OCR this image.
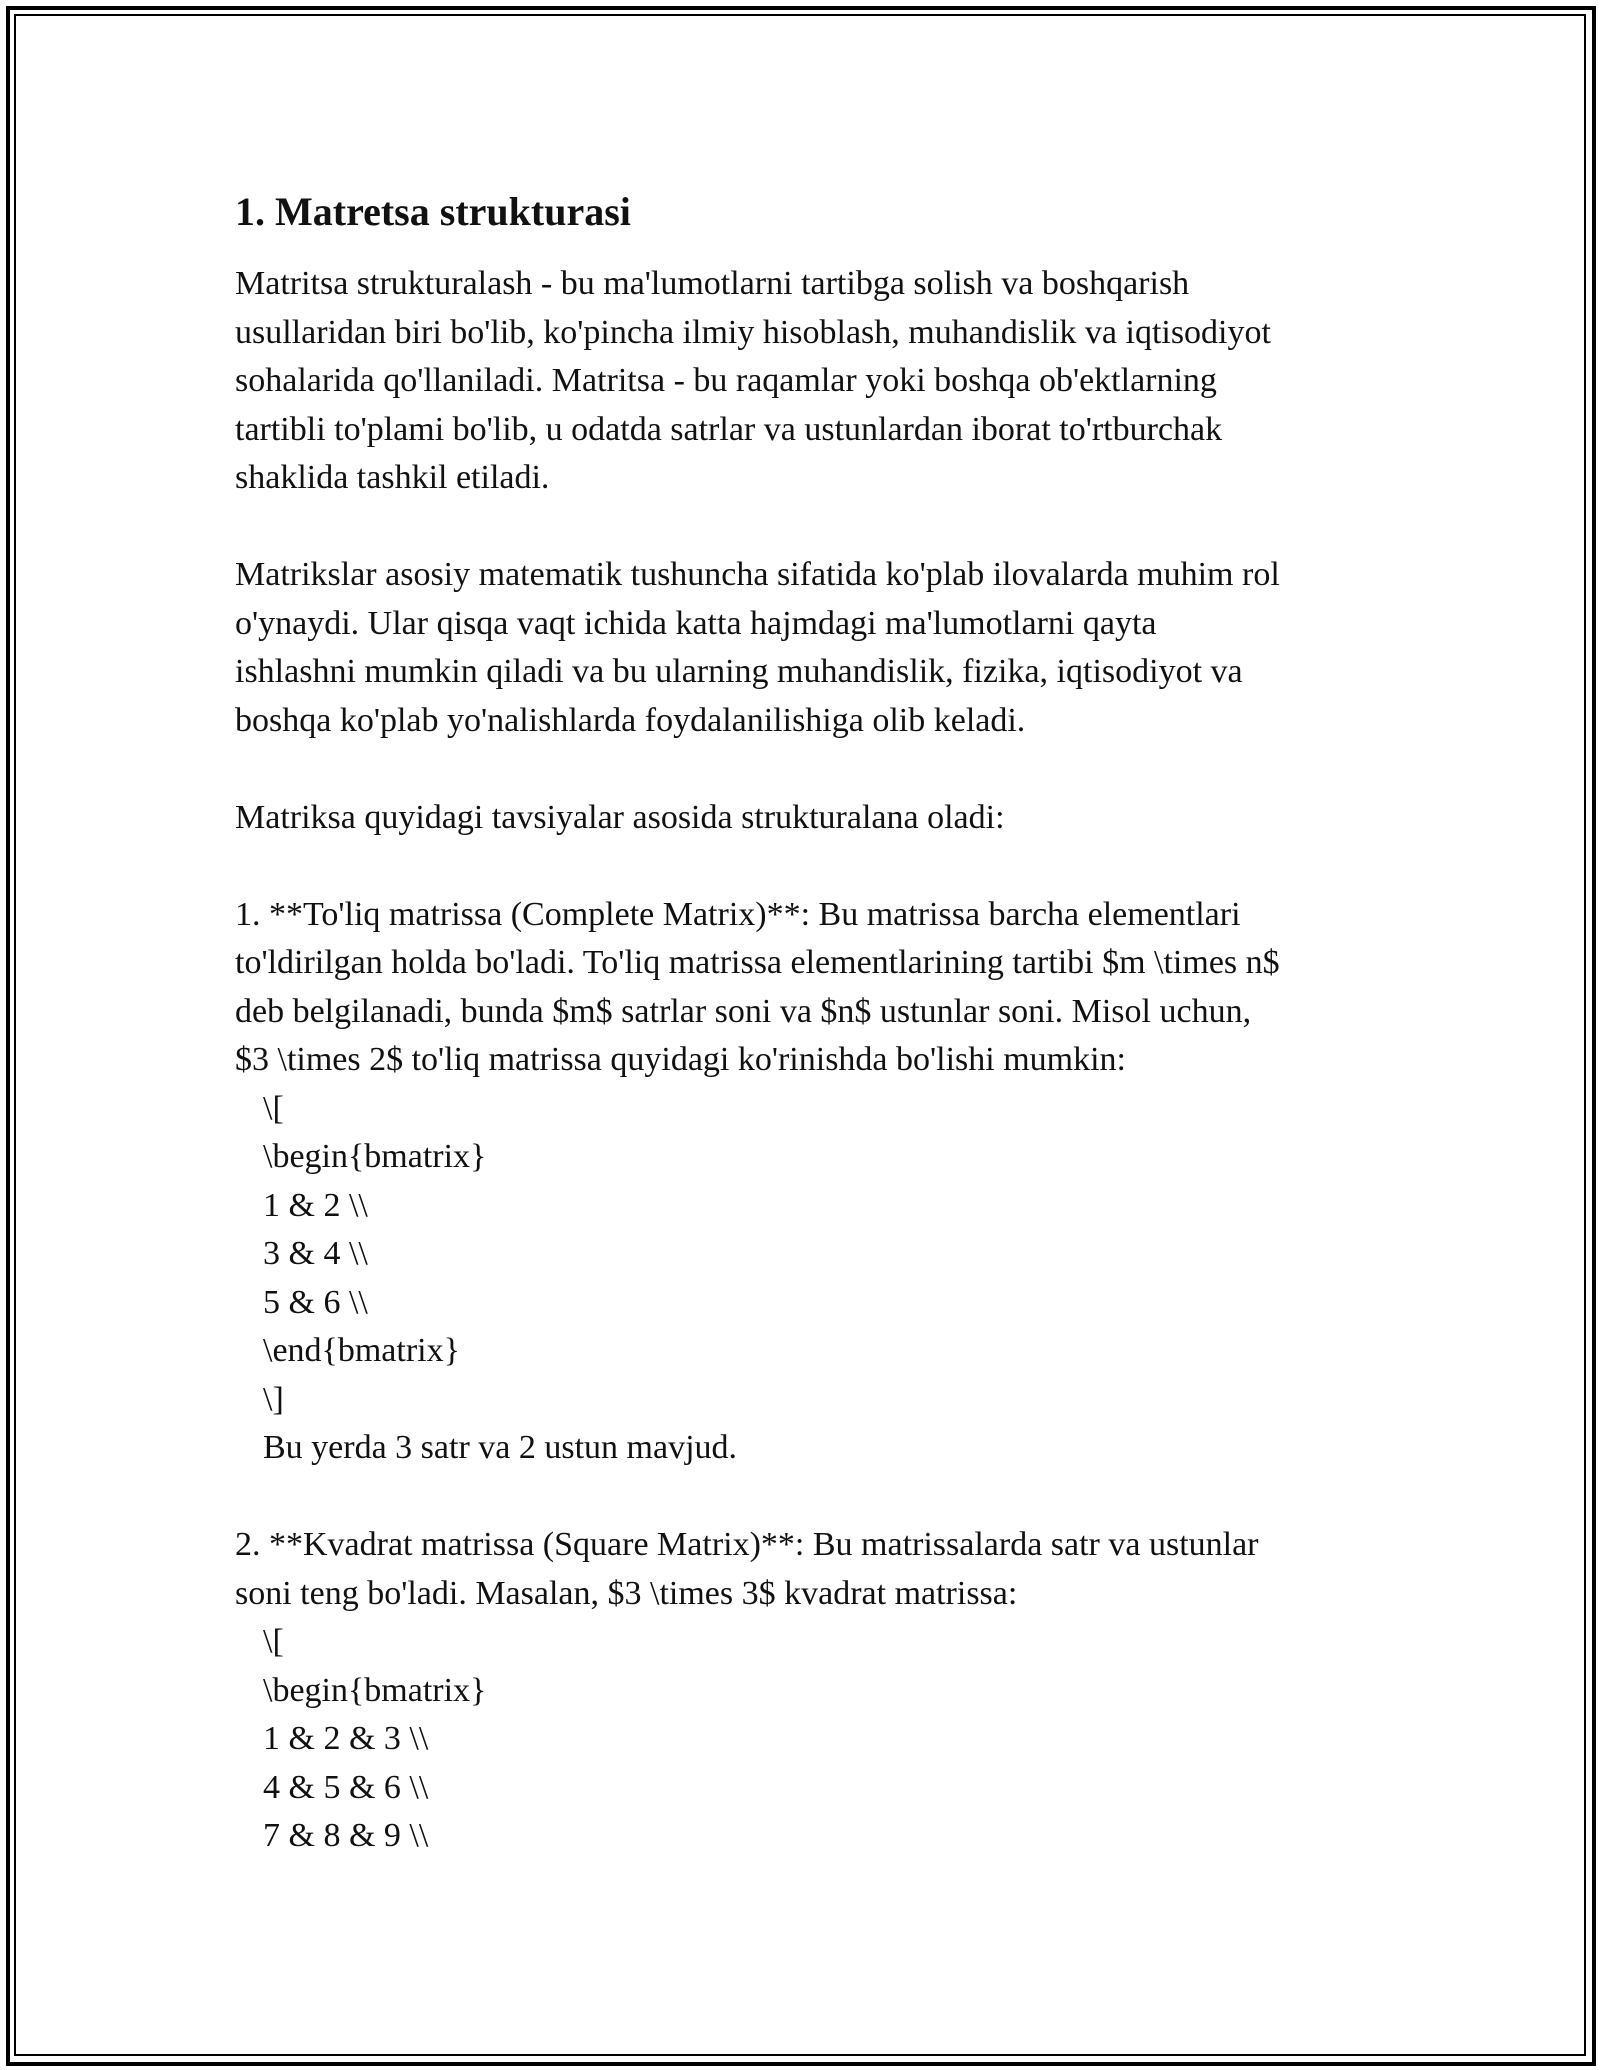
1. Matretsa strukturasi
Matritsa strukturalash - bu ma'lumotlarni tartibga solish va boshqarish
usullaridan biri bo'lib, ko'pincha ilmiy hisoblash, muhandislik va iqtisodiyot
sohalarida qo'llaniladi. Matritsa - bu raqamlar yoki boshqa ob'ektlarning
tartibli to'plami bo'lib, u odatda satrlar va ustunlardan iborat to'rtburchak
shaklida tashkil etiladi.
Matrikslar asosiy matematik tushuncha sifatida ko'plab ilovalarda muhim rol
o'ynaydi. Ular qisqa vaqt ichida katta hajmdagi ma'lumotlarni qayta
ishlashni mumkin qiladi va bu ularning muhandislik, fizika, iqtisodiyot va
boshqa ko'plab yo'nalishlarda foydalanilishiga olib keladi.
Matriksa quyidagi tavsiyalar asosida strukturalana oladi:
1. **To'liq matrissa (Complete Matrix)**: Bu matrissa barcha elementlari
to'ldirilgan holda bo'ladi. To'liq matrissa elementlarining tartibi $m \times n$
deb belgilanadi, bunda $m$ satrlar soni va $n$ ustunlar soni. Misol uchun,
$3 \times 2$ to'liq matrissa quyidagi ko'rinishda bo'lishi mumkin:
\[
\begin{bmatrix}
1 & 2 \\
3 & 4 \\
5 & 6 \\
\end{bmatrix}
\]
Bu yerda 3 satr va 2 ustun mavjud.
2. **Kvadrat matrissa (Square Matrix)**: Bu matrissalarda satr va ustunlar
soni teng bo'ladi. Masalan, $3 \times 3$ kvadrat matrissa:
\[
\begin{bmatrix}
1 & 2 & 3 \\
4 & 5 & 6 \\
7 & 8 & 9 \\
